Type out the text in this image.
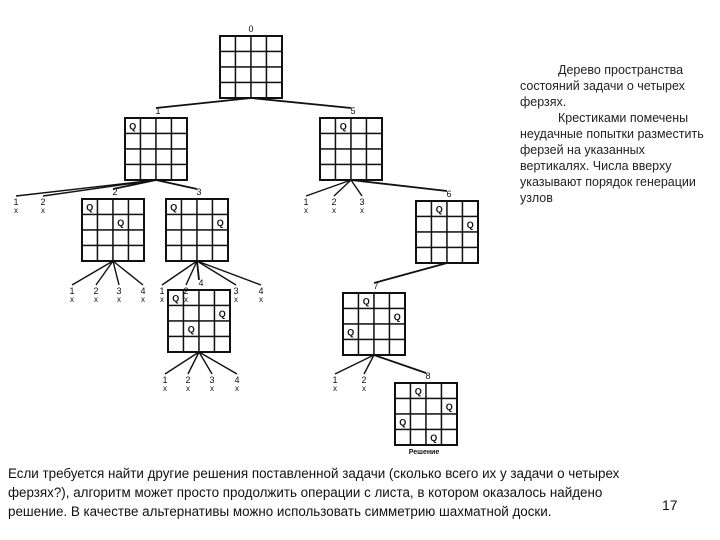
0
1
Q
5
Q
2
Q
Q
3
Q
Q
6
Q
Q
4
Q
Q
Q
7
Q
Q
Q
8
Q
Q
Q
Q
Решение
1
x
2
x
1
x
2
x
3
x
4
x
1
x
2
x
3
x
4
x
1
x
2
x
3
x
1
x
2
x
3
x
4
x
1
x
2
x

Дерево пространства состояний задачи о четырех ферзях.

Крестиками помечены неудачные попытки разместить ферзей на указанных вертикалях. Числа вверху указывают порядок генерации узлов

Если требуется найти другие решения поставленной задачи (сколько всего их у задачи о четырех ферзях?), алгоритм может просто продолжить операции с листа, в котором оказалось найдено решение. В качестве альтернативы можно использовать симметрию шахматной доски.	17
